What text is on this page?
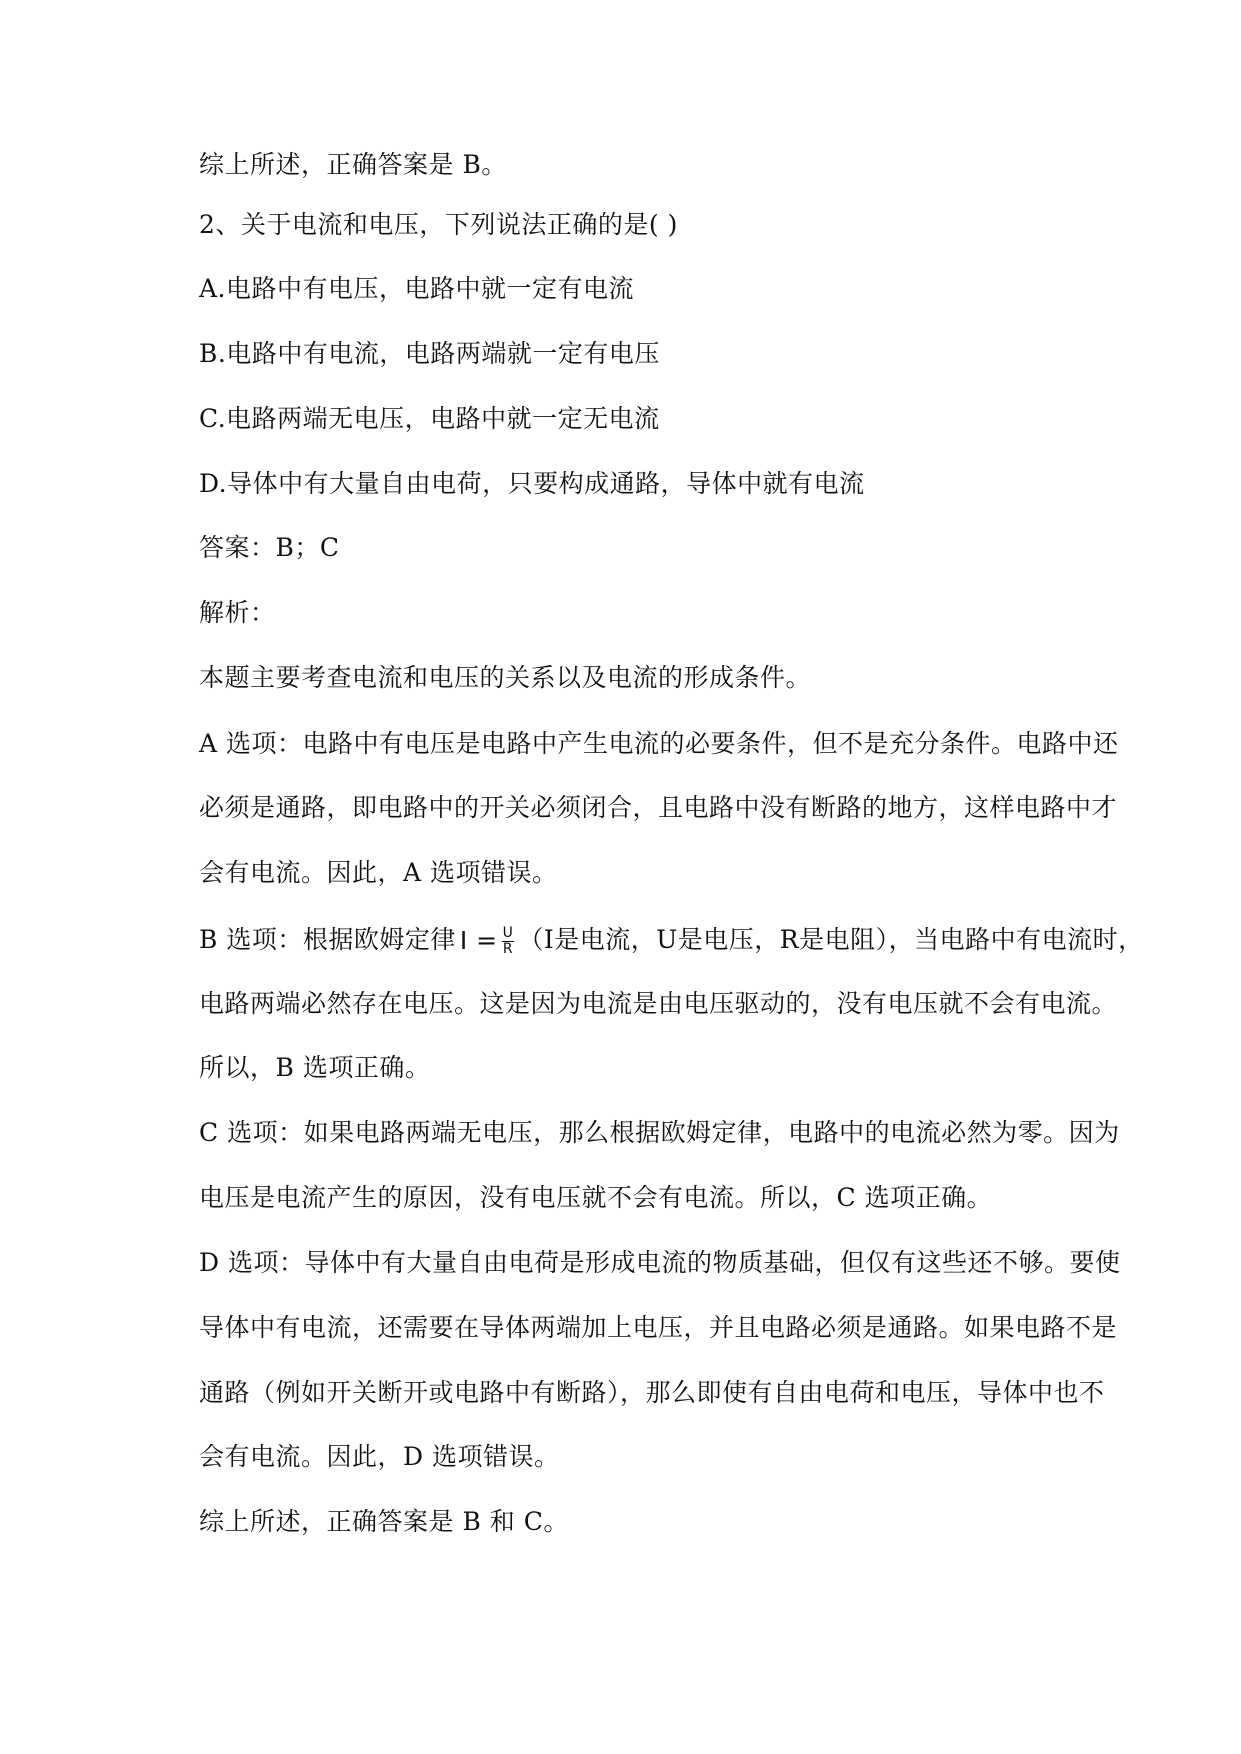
综上所述，正确答案是 B。
2、关于电流和电压，下列说法正确的是( )
A.电路中有电压，电路中就一定有电流
B.电路中有电流，电路两端就一定有电压
C.电路两端无电压，电路中就一定无电流
D.导体中有大量自由电荷，只要构成通路，导体中就有电流
答案：B；C
解析：
本题主要考查电流和电压的关系以及电流的形成条件。
A 选项：电路中有电压是电路中产生电流的必要条件，但不是充分条件。电路中还
必须是通路，即电路中的开关必须闭合，且电路中没有断路的地方，这样电路中才
会有电流。因此，A 选项错误。
B 选项：根据欧姆定律 $I = \frac{U}{R} (I$是电流，U是电压，R是电阻），当电路中有电流时，
电路两端必然存在电压。这是因为电流是由电压驱动的，没有电压就不会有电流。
所以，B 选项正确。
C 选项：如果电路两端无电压，那么根据欧姆定律，电路中的电流必然为零。因为
电压是电流产生的原因，没有电压就不会有电流。所以，C 选项正确。
D 选项：导体中有大量自由电荷是形成电流的物质基础，但仅有这些还不够。要使
导体中有电流，还需要在导体两端加上电压，并且电路必须是通路。如果电路不是
通路（例如开关断开或电路中有断路），那么即使有自由电荷和电压，导体中也不
会有电流。因此，D 选项错误。
综上所述，正确答案是 B 和 C。
